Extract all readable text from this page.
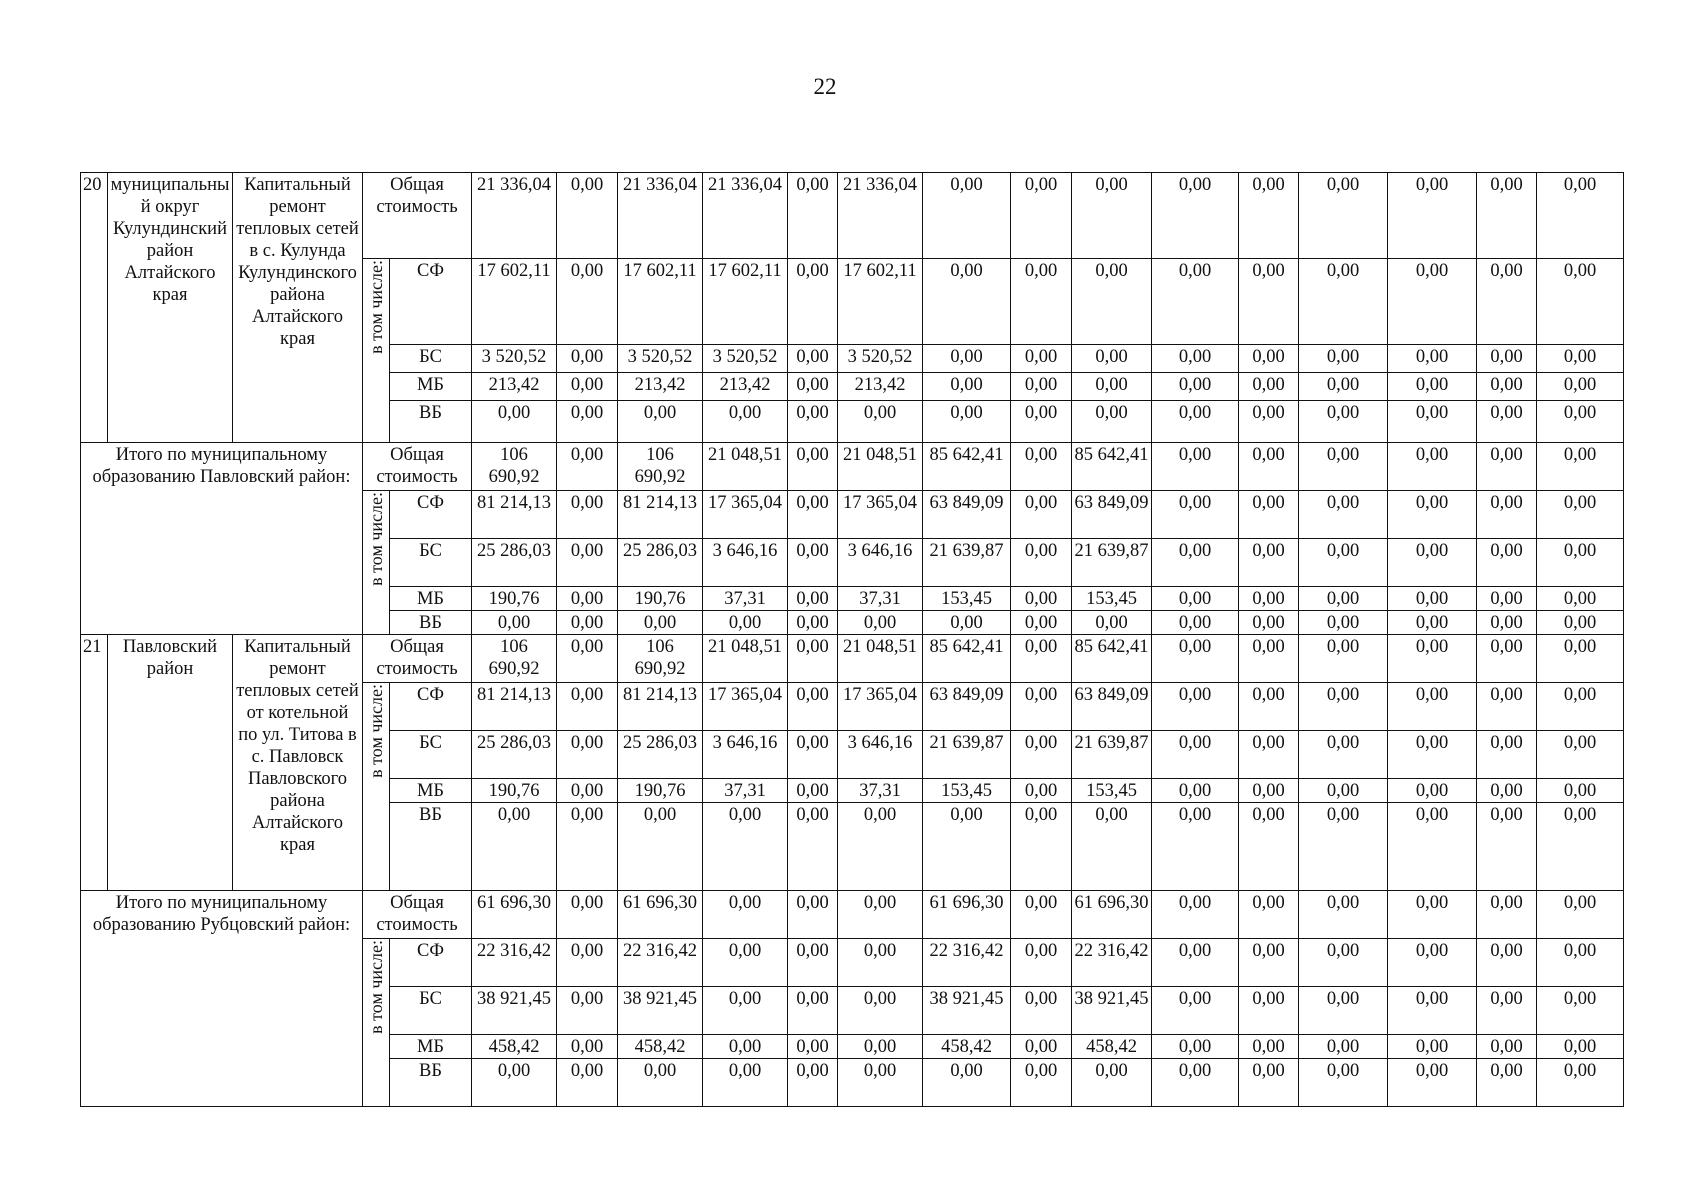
22
20	муниципальный округ Кулундинский район Алтайского края	Капитальный ремонт тепловых сетей в с. Кулунда Кулундинского района Алтайского края	Общая стоимость		21 336,04	0,00	21 336,04	21 336,04	0,00	21 336,04	0,00	0,00	0,00	0,00	0,00	0,00	0,00	0,00	0,00
			в том числе:	СФ	17 602,11	0,00	17 602,11	17 602,11	0,00	17 602,11	0,00	0,00	0,00	0,00	0,00	0,00	0,00	0,00	0,00
				БС	3 520,52	0,00	3 520,52	3 520,52	0,00	3 520,52	0,00	0,00	0,00	0,00	0,00	0,00	0,00	0,00	0,00
				МБ	213,42	0,00	213,42	213,42	0,00	213,42	0,00	0,00	0,00	0,00	0,00	0,00	0,00	0,00	0,00
				ВБ	0,00	0,00	0,00	0,00	0,00	0,00	0,00	0,00	0,00	0,00	0,00	0,00	0,00	0,00	0,00
Итого по муниципальному образованию Павловский район:			Общая стоимость		106 690,92	0,00	106 690,92	21 048,51	0,00	21 048,51	85 642,41	0,00	85 642,41	0,00	0,00	0,00	0,00	0,00	0,00
			в том числе:	СФ	81 214,13	0,00	81 214,13	17 365,04	0,00	17 365,04	63 849,09	0,00	63 849,09	0,00	0,00	0,00	0,00	0,00	0,00
				БС	25 286,03	0,00	25 286,03	3 646,16	0,00	3 646,16	21 639,87	0,00	21 639,87	0,00	0,00	0,00	0,00	0,00	0,00
				МБ	190,76	0,00	190,76	37,31	0,00	37,31	153,45	0,00	153,45	0,00	0,00	0,00	0,00	0,00	0,00
				ВБ	0,00	0,00	0,00	0,00	0,00	0,00	0,00	0,00	0,00	0,00	0,00	0,00	0,00	0,00	0,00
21	Павловский район	Капитальный ремонт тепловых сетей от котельной по ул. Титова в с. Павловск Павловского района Алтайского края	Общая стоимость		106 690,92	0,00	106 690,92	21 048,51	0,00	21 048,51	85 642,41	0,00	85 642,41	0,00	0,00	0,00	0,00	0,00	0,00
			в том числе:	СФ	81 214,13	0,00	81 214,13	17 365,04	0,00	17 365,04	63 849,09	0,00	63 849,09	0,00	0,00	0,00	0,00	0,00	0,00
				БС	25 286,03	0,00	25 286,03	3 646,16	0,00	3 646,16	21 639,87	0,00	21 639,87	0,00	0,00	0,00	0,00	0,00	0,00
				МБ	190,76	0,00	190,76	37,31	0,00	37,31	153,45	0,00	153,45	0,00	0,00	0,00	0,00	0,00	0,00
				ВБ	0,00	0,00	0,00	0,00	0,00	0,00	0,00	0,00	0,00	0,00	0,00	0,00	0,00	0,00	0,00
Итого по муниципальному образованию Рубцовский район:			Общая стоимость		61 696,30	0,00	61 696,30	0,00	0,00	0,00	61 696,30	0,00	61 696,30	0,00	0,00	0,00	0,00	0,00	0,00
			в том числе:	СФ	22 316,42	0,00	22 316,42	0,00	0,00	0,00	22 316,42	0,00	22 316,42	0,00	0,00	0,00	0,00	0,00	0,00
				БС	38 921,45	0,00	38 921,45	0,00	0,00	0,00	38 921,45	0,00	38 921,45	0,00	0,00	0,00	0,00	0,00	0,00
				МБ	458,42	0,00	458,42	0,00	0,00	0,00	458,42	0,00	458,42	0,00	0,00	0,00	0,00	0,00	0,00
				ВБ	0,00	0,00	0,00	0,00	0,00	0,00	0,00	0,00	0,00	0,00	0,00	0,00	0,00	0,00	0,00
